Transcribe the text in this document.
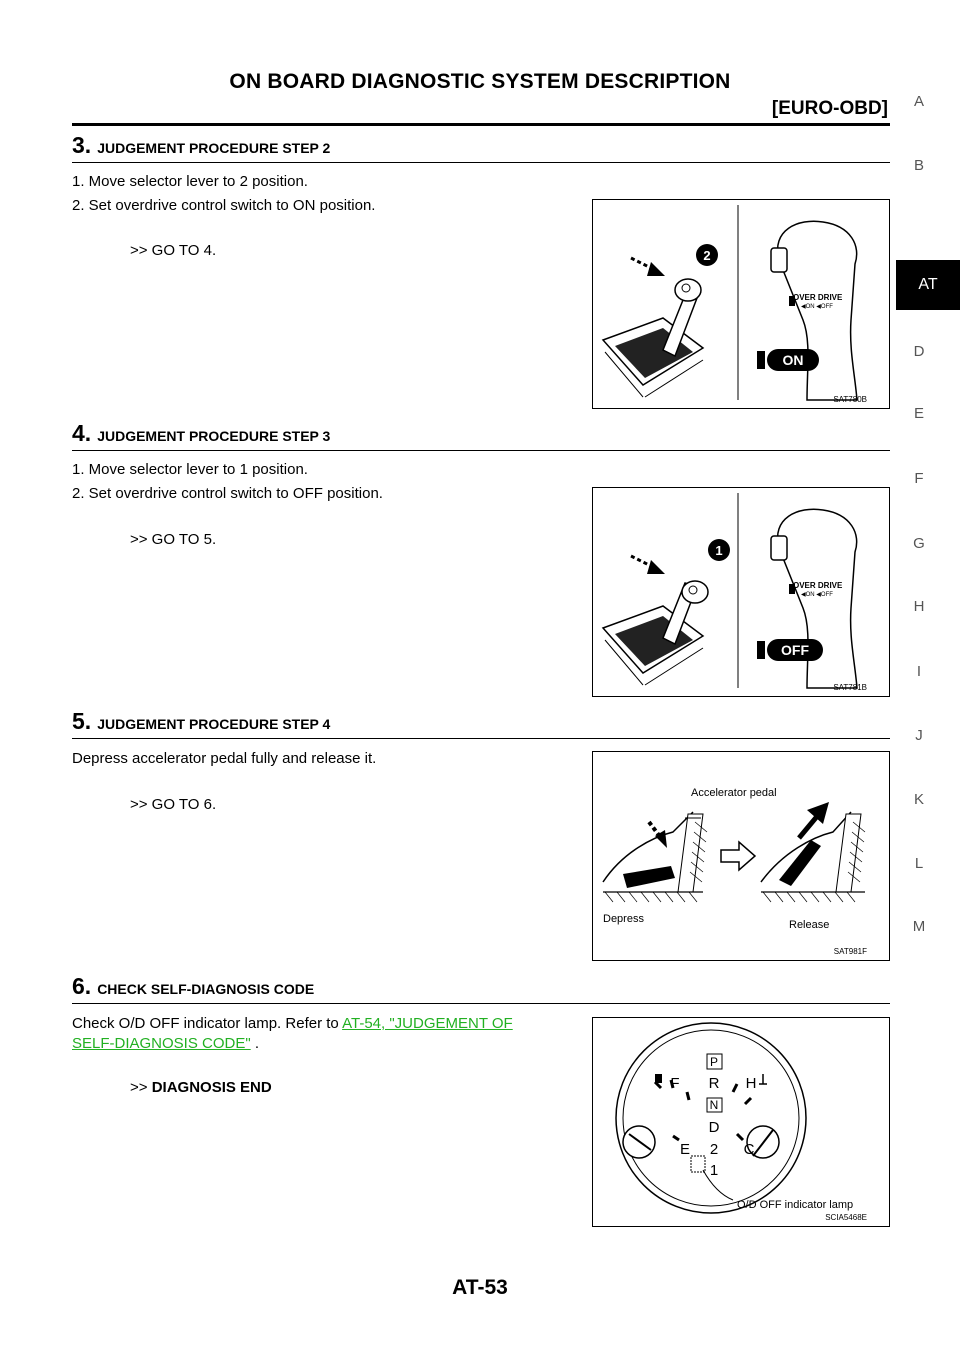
ON BOARD DIAGNOSTIC SYSTEM DESCRIPTION
[EURO-OBD]	A
B
AT
D
E
F
G
H
I
J
K
L
M
3. JUDGEMENT PROCEDURE STEP 2
1. Move selector lever to 2 position.
2. Set overdrive control switch to ON position.
>> GO TO 4.
OVER DRIVE
◀ON ◀OFF
ON
2
SAT780B
4. JUDGEMENT PROCEDURE STEP 3
1. Move selector lever to 1 position.
2. Set overdrive control switch to OFF position.
>> GO TO 5.
OVER DRIVE
◀ON ◀OFF
OFF
1
SAT781B
5. JUDGEMENT PROCEDURE STEP 4
Depress accelerator pedal fully and release it.
>> GO TO 6.
Accelerator pedal
Depress	Release
SAT981F
6. CHECK SELF-DIAGNOSIS CODE
Check O/D OFF indicator lamp. Refer to AT-54, "JUDGEMENT OF
SELF-DIAGNOSIS CODE" .
>> DIAGNOSIS END
P
R
N
D
2
1
F
E
H
C
O/D OFF indicator lamp
SCIA5468E
AT-53
